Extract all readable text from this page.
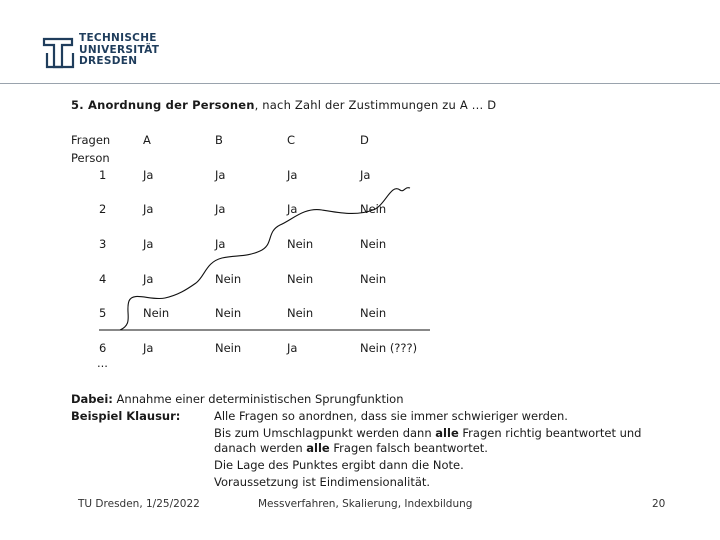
TECHNISCHE
UNIVERSITÄT
DRESDEN
5. Anordnung der Personen, nach Zahl der Zustimmungen zu A ... D
Fragen
Person
A	B	C	D
1	Ja	Ja	Ja	Ja
2	Ja	Ja	Ja	Nein
3	Ja	Ja	Nein	Nein
4	Ja	Nein	Nein	Nein
5	Nein	Nein	Nein	Nein
6	Ja	Nein	Ja	Nein (???)
...
Dabei: Annahme einer deterministischen Sprungfunktion
Beispiel Klausur:	Alle Fragen so anordnen, dass sie immer schwieriger werden.
Bis zum Umschlagpunkt werden dann alle Fragen richtig beantwortet und
danach werden alle Fragen falsch beantwortet.
Die Lage des Punktes ergibt dann die Note.
Voraussetzung ist Eindimensionalität.
TU Dresden, 1/25/2022	Messverfahren, Skalierung, Indexbildung	20
